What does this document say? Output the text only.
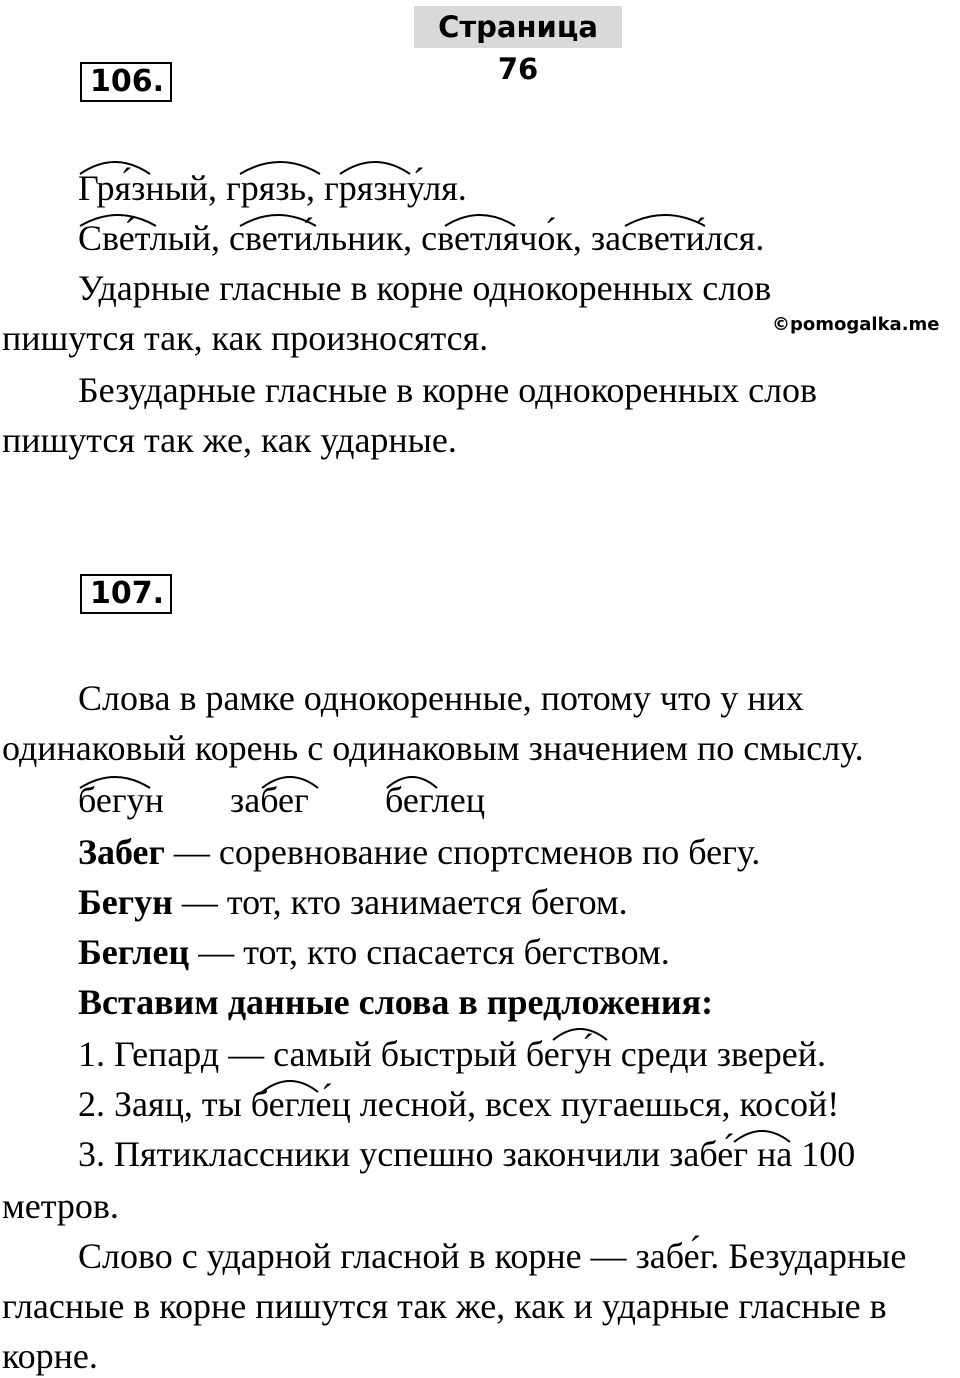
Страница 76
106.
Гря́зный, грязь, грязну́ля.
Све́тлый, свети́льник, светлячо́к, засвети́лся.
Ударные гласные в корне однокоренных слов
пишутся так, как произносятся.	©pomogalka.me
Безударные гласные в корне однокоренных слов
пишутся так же, как ударные.
107.
Слова в рамке однокоренные, потому что у них
одинаковый корень с одинаковым значением по смыслу.
бегун забег беглец
Забег — соревнование спортсменов по бегу.
Бегун — тот, кто занимается бегом.
Беглец — тот, кто спасается бегством.
Вставим данные слова в предложения:
1. Гепард — самый быстрый бегу́н среди зверей.
2. Заяц, ты бегле́ц лесной, всех пугаешься, косой!
3. Пятиклассники успешно закончили забе́г на 100
метров.
Слово с ударной гласной в корне — забе́г. Безударные
гласные в корне пишутся так же, как и ударные гласные в
корне.
